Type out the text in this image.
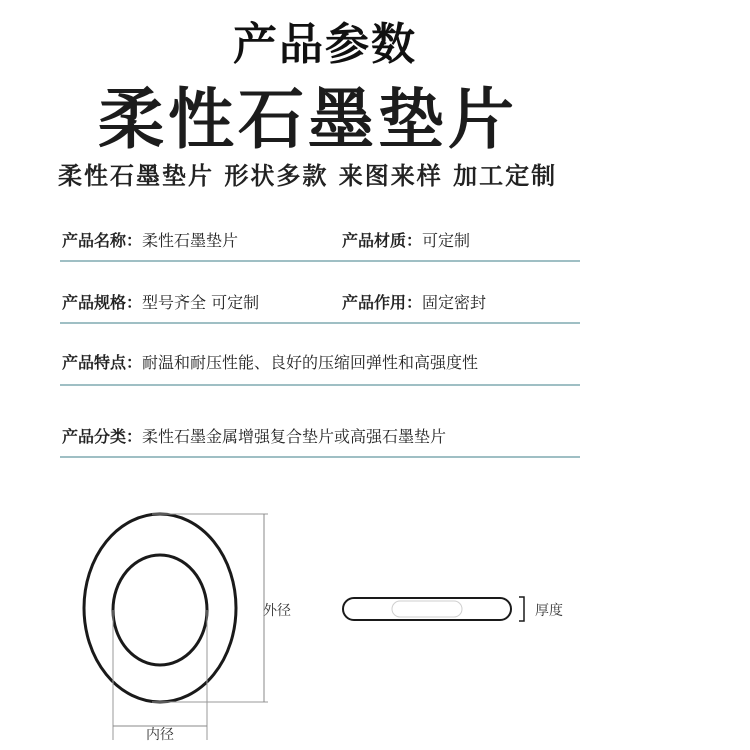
产品参数
柔性石墨垫片
柔性石墨垫片 形状多款 来图来样 加工定制
产品名称：柔性石墨垫片	产品材质：可定制
产品规格：型号齐全 可定制	产品作用：固定密封
产品特点：耐温和耐压性能、良好的压缩回弹性和高强度性
产品分类：柔性石墨金属增强复合垫片或高强石墨垫片
外径
内径
厚度
